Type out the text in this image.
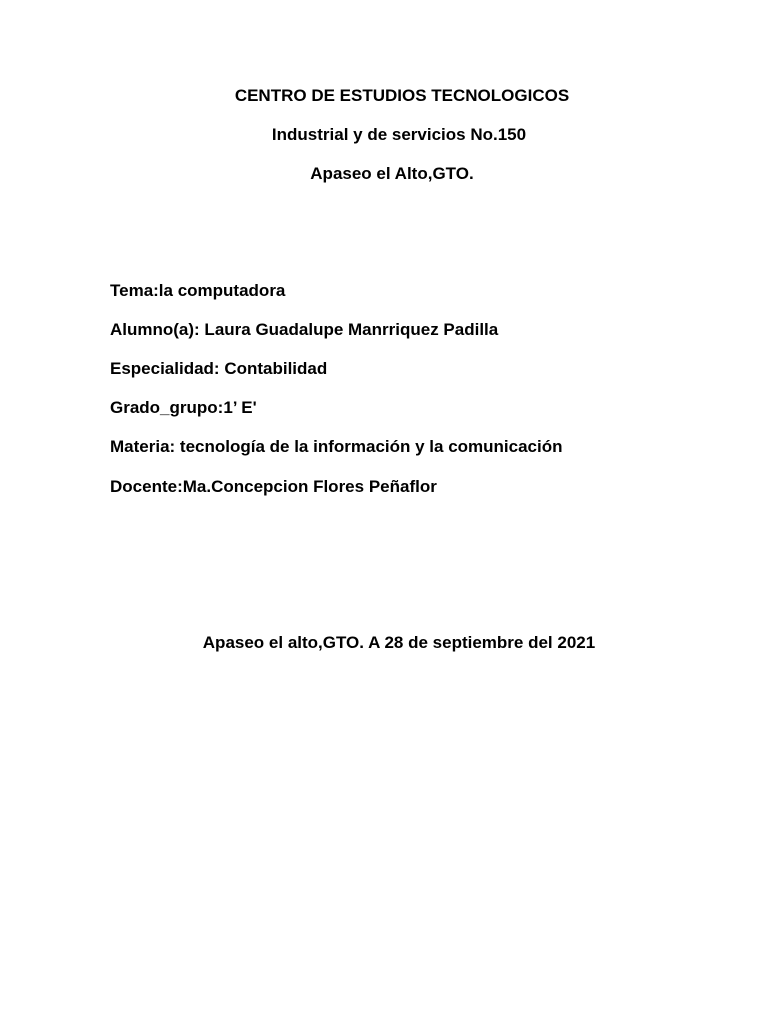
CENTRO DE ESTUDIOS TECNOLOGICOS
Industrial y de servicios No.150
Apaseo el Alto,GTO.
Tema:la computadora
Alumno(a): Laura Guadalupe Manrriquez Padilla
Especialidad: Contabilidad
Grado_grupo:1’ E'
Materia: tecnología de la información y la comunicación
Docente:Ma.Concepcion Flores Peñaflor
Apaseo el alto,GTO. A 28 de septiembre del 2021
